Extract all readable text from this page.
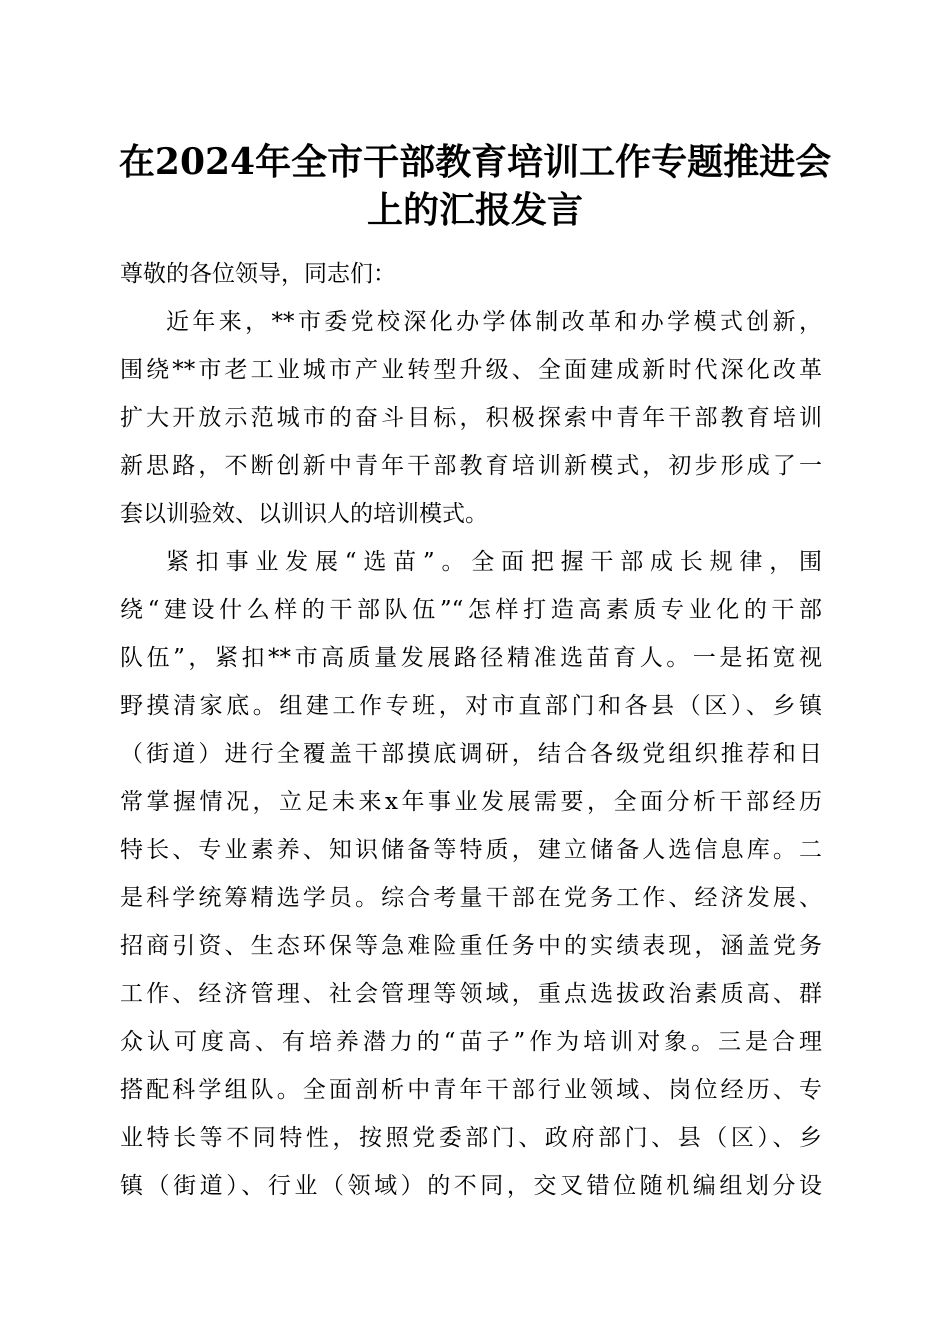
在2024年全市干部教育培训工作专题推进会
上的汇报发言
尊敬的各位领导，同志们：
近年来，**市委党校深化办学体制改革和办学模式创新，
围绕**市老工业城市产业转型升级、全面建成新时代深化改革
扩大开放示范城市的奋斗目标，积极探索中青年干部教育培训
新思路，不断创新中青年干部教育培训新模式，初步形成了一
套以训验效、以训识人的培训模式。
紧扣事业发展“选苗”。全面把握干部成长规律，围
绕“建设什么样的干部队伍”“怎样打造高素质专业化的干部
队伍”，紧扣**市高质量发展路径精准选苗育人。一是拓宽视
野摸清家底。组建工作专班，对市直部门和各县（区）、乡镇
（街道）进行全覆盖干部摸底调研，结合各级党组织推荐和日
常掌握情况，立足未来x年事业发展需要，全面分析干部经历
特长、专业素养、知识储备等特质，建立储备人选信息库。二
是科学统筹精选学员。综合考量干部在党务工作、经济发展、
招商引资、生态环保等急难险重任务中的实绩表现，涵盖党务
工作、经济管理、社会管理等领域，重点选拔政治素质高、群
众认可度高、有培养潜力的“苗子”作为培训对象。三是合理
搭配科学组队。全面剖析中青年干部行业领域、岗位经历、专
业特长等不同特性，按照党委部门、政府部门、县（区）、乡
镇（街道）、行业（领域）的不同，交叉错位随机编组划分设
